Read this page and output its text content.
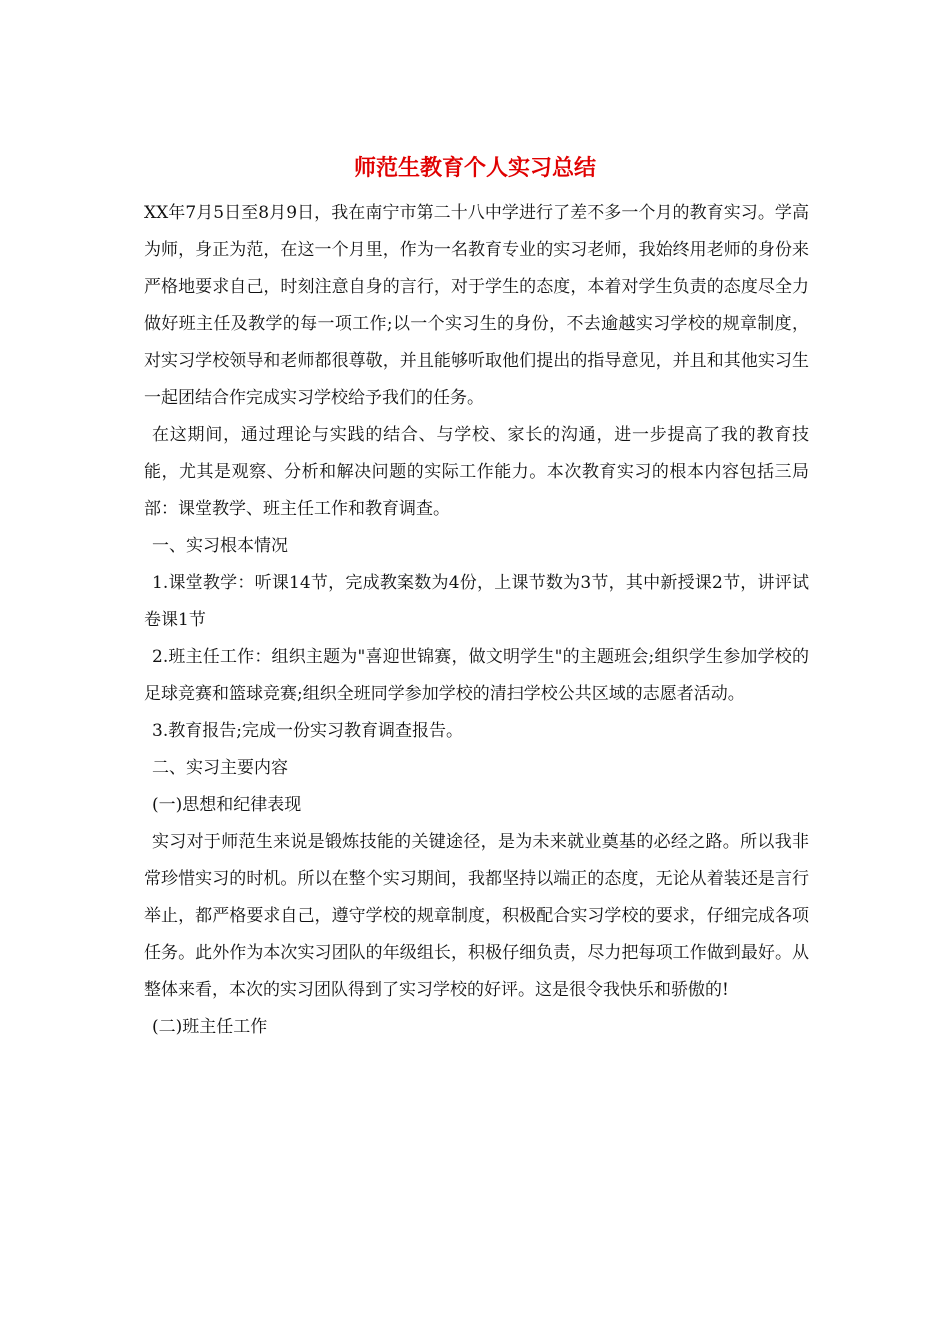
师范生教育个人实习总结

XX年7月5日至8月9日，我在南宁市第二十八中学进行了差不多一个月的教育实习。学高为师，身正为范，在这一个月里，作为一名教育专业的实习老师，我始终用老师的身份来严格地要求自己，时刻注意自身的言行，对于学生的态度，本着对学生负责的态度尽全力做好班主任及教学的每一项工作;以一个实习生的身份，不去逾越实习学校的规章制度，对实习学校领导和老师都很尊敬，并且能够听取他们提出的指导意见，并且和其他实习生一起团结合作完成实习学校给予我们的任务。

在这期间，通过理论与实践的结合、与学校、家长的沟通，进一步提高了我的教育技能，尤其是观察、分析和解决问题的实际工作能力。本次教育实习的根本内容包括三局部：课堂教学、班主任工作和教育调查。

一、实习根本情况

1.课堂教学：听课14节，完成教案数为4份，上课节数为3节，其中新授课2节，讲评试卷课1节

2.班主任工作：组织主题为"喜迎世锦赛，做文明学生"的主题班会;组织学生参加学校的足球竞赛和篮球竞赛;组织全班同学参加学校的清扫学校公共区域的志愿者活动。

3.教育报告;完成一份实习教育调查报告。

二、实习主要内容

(一)思想和纪律表现

实习对于师范生来说是锻炼技能的关键途径，是为未来就业奠基的必经之路。所以我非常珍惜实习的时机。所以在整个实习期间，我都坚持以端正的态度，无论从着装还是言行举止，都严格要求自己，遵守学校的规章制度，积极配合实习学校的要求，仔细完成各项任务。此外作为本次实习团队的年级组长，积极仔细负责，尽力把每项工作做到最好。从整体来看，本次的实习团队得到了实习学校的好评。这是很令我快乐和骄傲的!

(二)班主任工作
